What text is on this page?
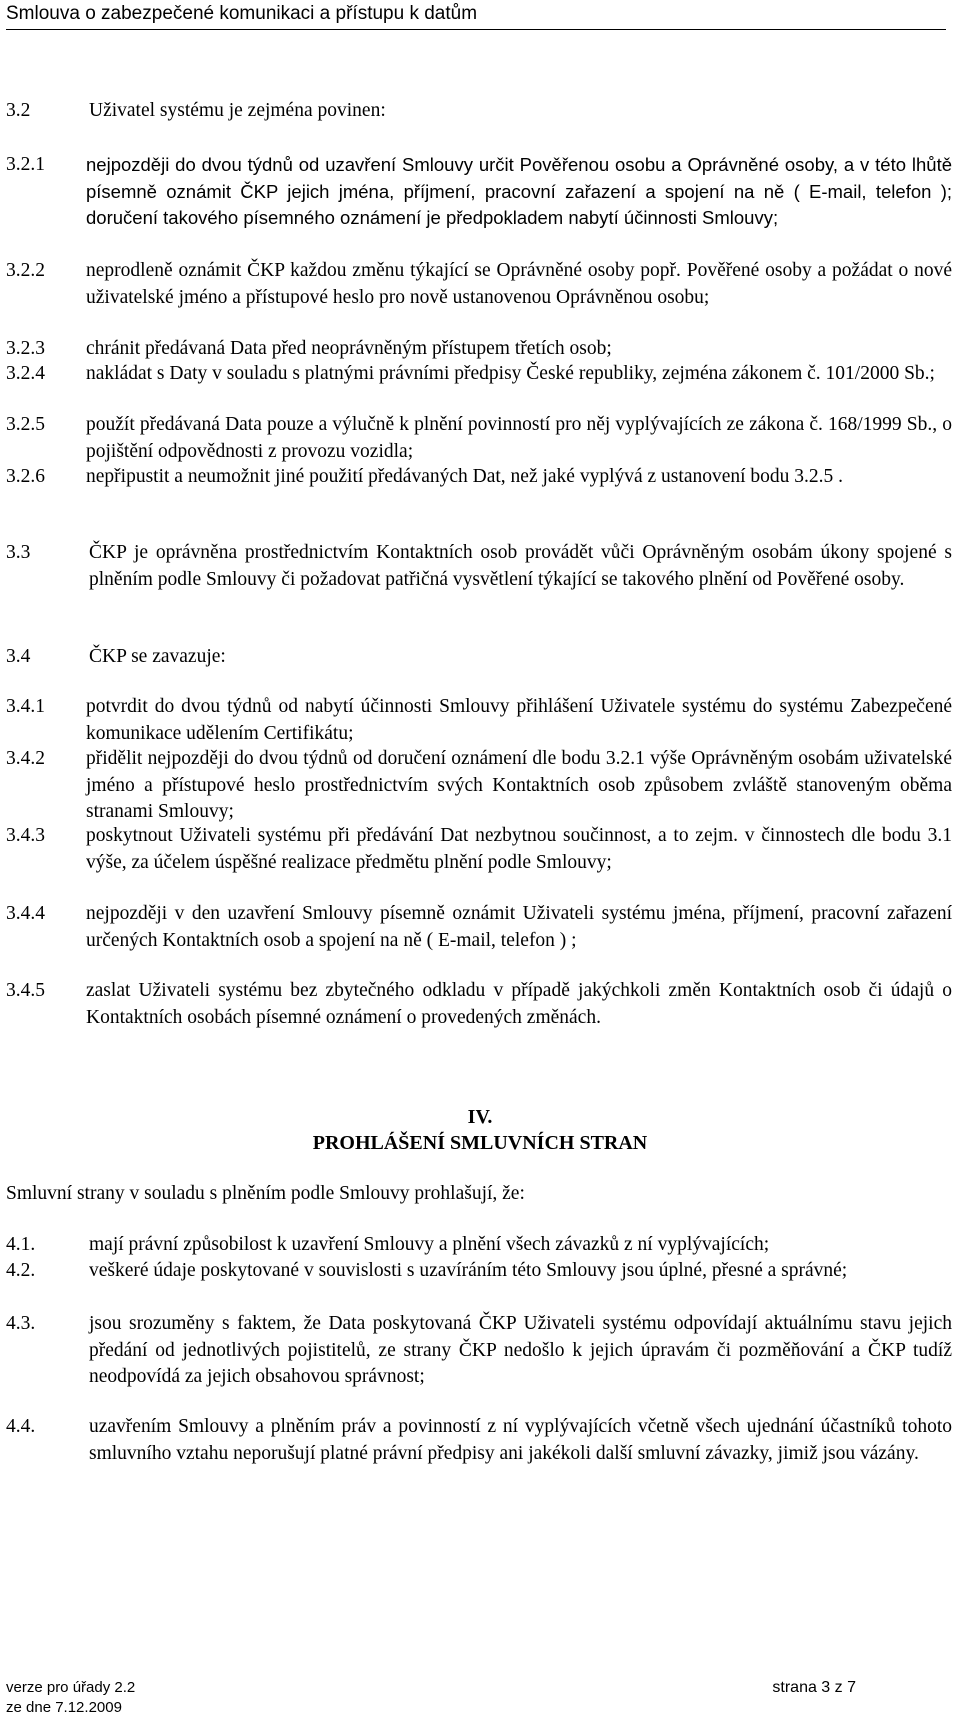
Smlouva o zabezpečené komunikaci a přístupu k datům
3.2	Uživatel systému je zejména povinen:
3.2.1 nejpozději do dvou týdnů od uzavření Smlouvy určit Pověřenou osobu a Oprávněné osoby, a v této lhůtě písemně oznámit ČKP jejich jména, příjmení, pracovní zařazení a spojení na ně ( E-mail, telefon ); doručení takového písemného oznámení je předpokladem nabytí účinnosti Smlouvy;
3.2.2 neprodleně oznámit ČKP každou změnu týkající se Oprávněné osoby popř. Pověřené osoby a požádat o nové uživatelské jméno a přístupové heslo pro nově ustanovenou Oprávněnou osobu;
3.2.3 chránit předávaná Data před neoprávněným přístupem třetích osob;
3.2.4 nakládat s Daty v souladu s platnými právními předpisy České republiky, zejména zákonem č. 101/2000 Sb.;
3.2.5 použít předávaná Data pouze a výlučně k plnění povinností pro něj vyplývajících ze zákona č. 168/1999 Sb., o pojištění odpovědnosti z provozu vozidla;
3.2.6 nepřipustit a neumožnit jiné použití předávaných Dat, než jaké vyplývá z ustanovení bodu 3.2.5 .
3.3	ČKP je oprávněna prostřednictvím Kontaktních osob provádět vůči Oprávněným osobám úkony spojené s plněním podle Smlouvy či požadovat patřičná vysvětlení týkající se takového plnění od Pověřené osoby.
3.4	ČKP se zavazuje:
3.4.1 potvrdit do dvou týdnů od nabytí účinnosti Smlouvy přihlášení Uživatele systému do systému Zabezpečené komunikace udělením Certifikátu;
3.4.2 přidělit nejpozději do dvou týdnů od doručení oznámení dle bodu 3.2.1 výše Oprávněným osobám uživatelské jméno a přístupové heslo prostřednictvím svých Kontaktních osob způsobem zvláště stanoveným oběma stranami Smlouvy;
3.4.3 poskytnout Uživateli systému při předávání Dat nezbytnou součinnost, a to zejm. v činnostech dle bodu 3.1 výše, za účelem úspěšné realizace předmětu plnění podle Smlouvy;
3.4.4 nejpozději v den uzavření Smlouvy písemně oznámit Uživateli systému jména, příjmení, pracovní zařazení určených Kontaktních osob a spojení na ně ( E-mail, telefon ) ;
3.4.5 zaslat Uživateli systému bez zbytečného odkladu v případě jakýchkoli změn Kontaktních osob či údajů o Kontaktních osobách písemné oznámení o provedených změnách.
IV.
PROHLÁŠENÍ SMLUVNÍCH STRAN
Smluvní strany v souladu s plněním podle Smlouvy prohlašují, že:
4.1.	mají právní způsobilost k uzavření Smlouvy a plnění všech závazků z ní vyplývajících;
4.2.	veškeré údaje poskytované v souvislosti s uzavíráním této Smlouvy jsou úplné, přesné a správné;
4.3.	jsou srozuměny s faktem, že Data poskytovaná ČKP Uživateli systému odpovídají aktuálnímu stavu jejich předání od jednotlivých pojistitelů, ze strany ČKP nedošlo k jejich úpravám či pozměňování a ČKP tudíž neodpovídá za jejich obsahovou správnost;
4.4.	uzavřením Smlouvy a plněním práv a povinností z ní vyplývajících včetně všech ujednání účastníků tohoto smluvního vztahu neporušují platné právní předpisy ani jakékoli další smluvní závazky, jimiž jsou vázány.
verze pro úřady 2.2
ze dne 7.12.2009
strana 3 z 7
